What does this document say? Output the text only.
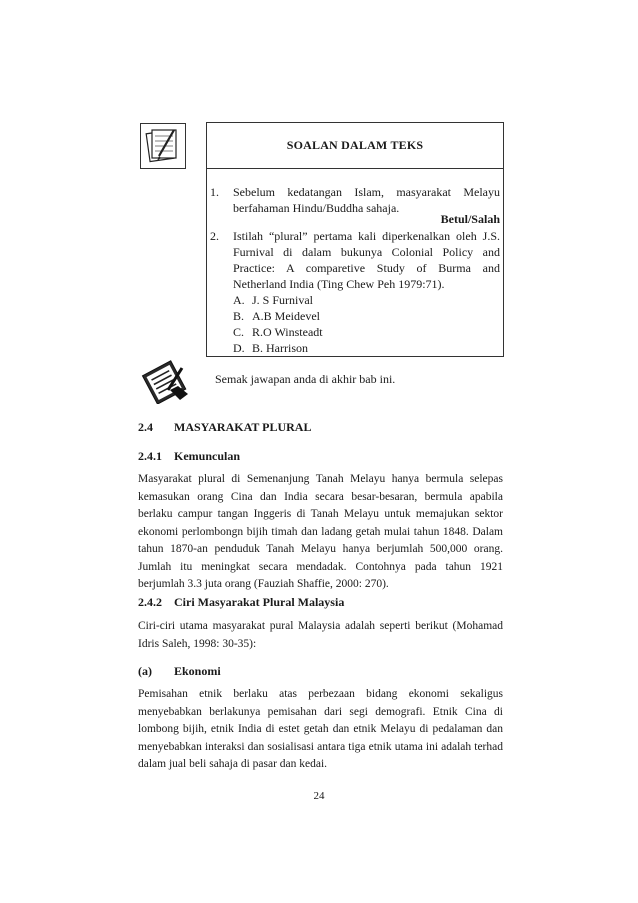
SOALAN DALAM TEKS
1. Sebelum kedatangan Islam, masyarakat Melayu berfahaman Hindu/Buddha sahaja.
Betul/Salah
2. Istilah “plural” pertama kali diperkenalkan oleh J.S. Furnival di dalam bukunya Colonial Policy and Practice: A comparetive Study of Burma and Netherland India (Ting Chew Peh 1979:71).
A. J. S Furnival
B. A.B Meidevel
C. R.O Winsteadt
D. B. Harrison
Semak jawapan anda di akhir bab ini.
2.4 MASYARAKAT PLURAL
2.4.1 Kemunculan
Masyarakat plural di Semenanjung Tanah Melayu hanya bermula selepas kemasukan orang Cina dan India secara besar-besaran, bermula apabila berlaku campur tangan Inggeris di Tanah Melayu untuk memajukan sektor ekonomi perlombongn bijih timah dan ladang getah mulai tahun 1848. Dalam tahun 1870-an penduduk Tanah Melayu hanya berjumlah 500,000 orang. Jumlah itu meningkat secara mendadak. Contohnya pada tahun 1921 berjumlah 3.3 juta orang (Fauziah Shaffie, 2000: 270).
2.4.2 Ciri Masyarakat Plural Malaysia
Ciri-ciri utama masyarakat pural Malaysia adalah seperti berikut (Mohamad Idris Saleh, 1998: 30-35):
(a) Ekonomi
Pemisahan etnik berlaku atas perbezaan bidang ekonomi sekaligus menyebabkan berlakunya pemisahan dari segi demografi. Etnik Cina di lombong bijih, etnik India di estet getah dan etnik Melayu di pedalaman dan menyebabkan interaksi dan sosialisasi antara tiga etnik utama ini adalah terhad dalam jual beli sahaja di pasar dan kedai.
24
